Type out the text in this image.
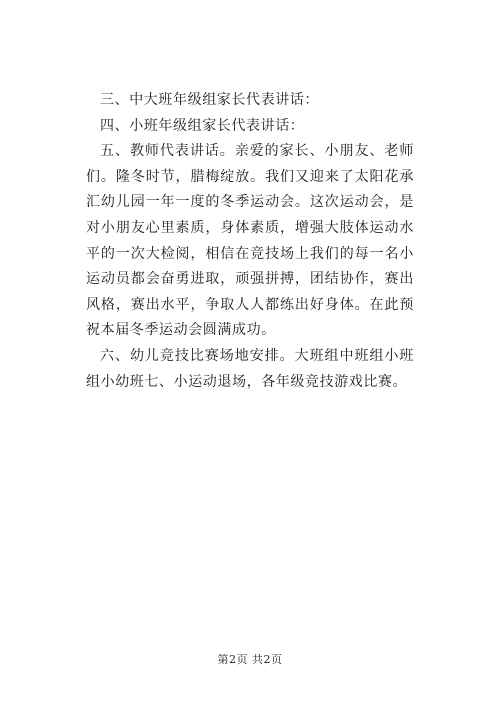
三、中大班年级组家长代表讲话：

四、小班年级组家长代表讲话：

五、教师代表讲话。亲爱的家长、小朋友、老师们。隆冬时节，腊梅绽放。我们又迎来了太阳花承汇幼儿园一年一度的冬季运动会。这次运动会，是对小朋友心里素质，身体素质，增强大肢体运动水平的一次大检阅，相信在竞技场上我们的每一名小运动员都会奋勇进取，顽强拼搏，团结协作，赛出风格，赛出水平，争取人人都练出好身体。在此预祝本届冬季运动会圆满成功。

六、幼儿竞技比赛场地安排。大班组中班组小班组小幼班七、小运动退场，各年级竞技游戏比赛。

第2页 共2页
